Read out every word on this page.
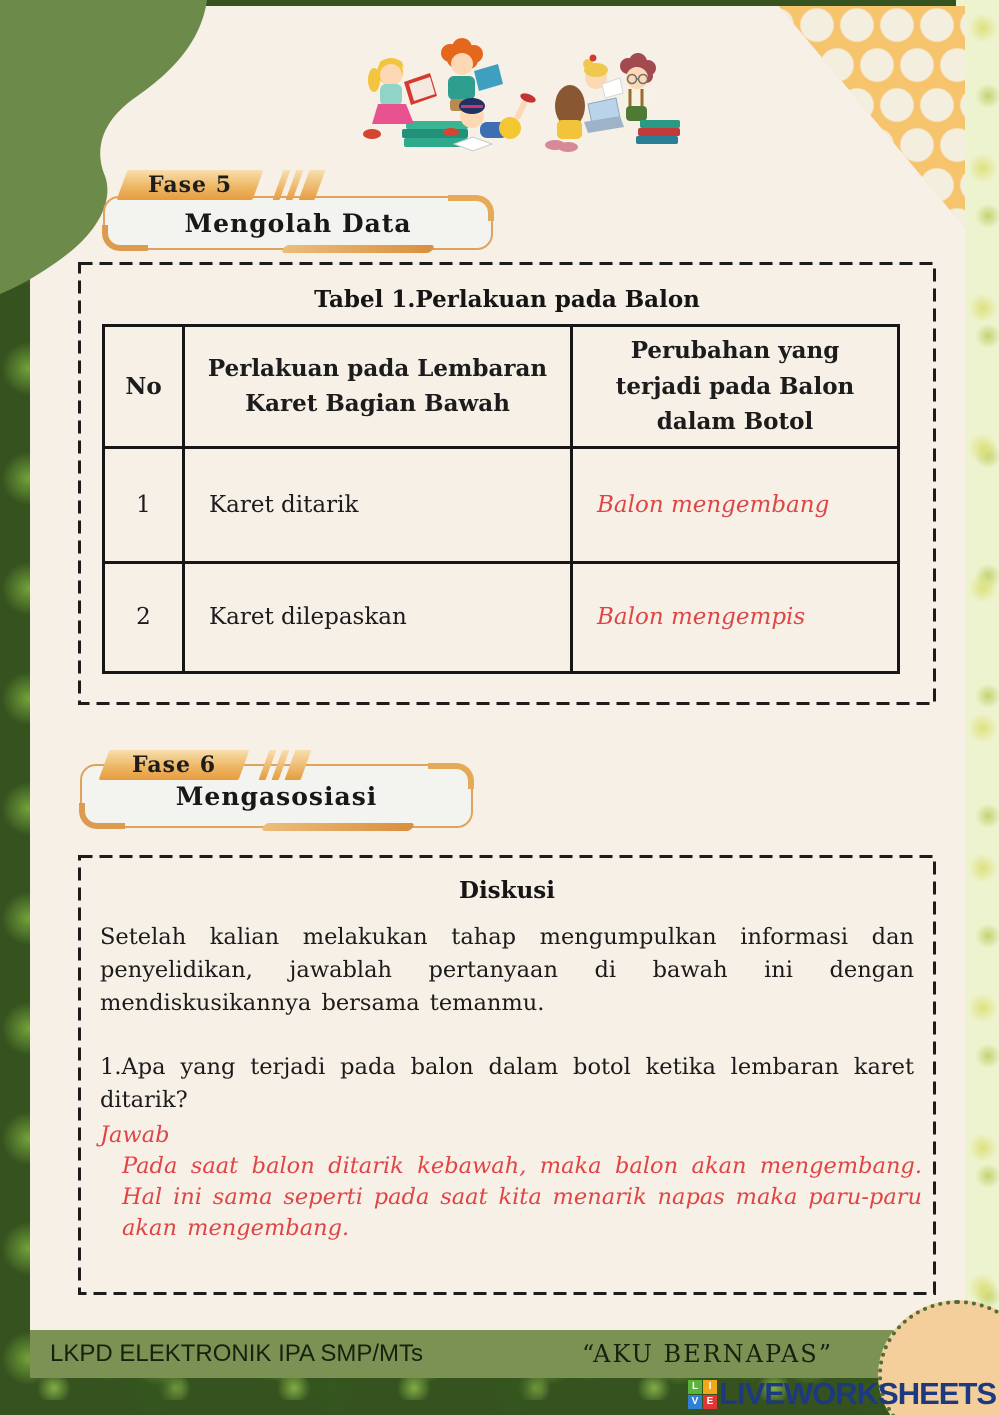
Mengolah Data
Fase 5
Tabel 1.Perlakuan pada Balon
No	Perlakuan pada Lembaran Karet Bagian Bawah	Perubahan yang terjadi pada Balon dalam Botol
1	Karet ditarik	Balon mengembang
2	Karet dilepaskan	Balon mengempis
Mengasosiasi
Fase 6
Diskusi
Setelah kalian melakukan tahap mengumpulkan informasi dan penyelidikan, jawablah pertanyaan di bawah ini dengan mendiskusikannya bersama temanmu.
1.Apa yang terjadi pada balon dalam botol ketika lembaran karet ditarik?
Jawab
Pada saat balon ditarik kebawah, maka balon akan mengembang. Hal ini sama seperti pada saat kita menarik napas maka paru-paru akan mengembang.
LKPD ELEKTRONIK IPA SMP/MTs	“AKU BERNAPAS”
L	I
V E LIVEWORKSHEETS
